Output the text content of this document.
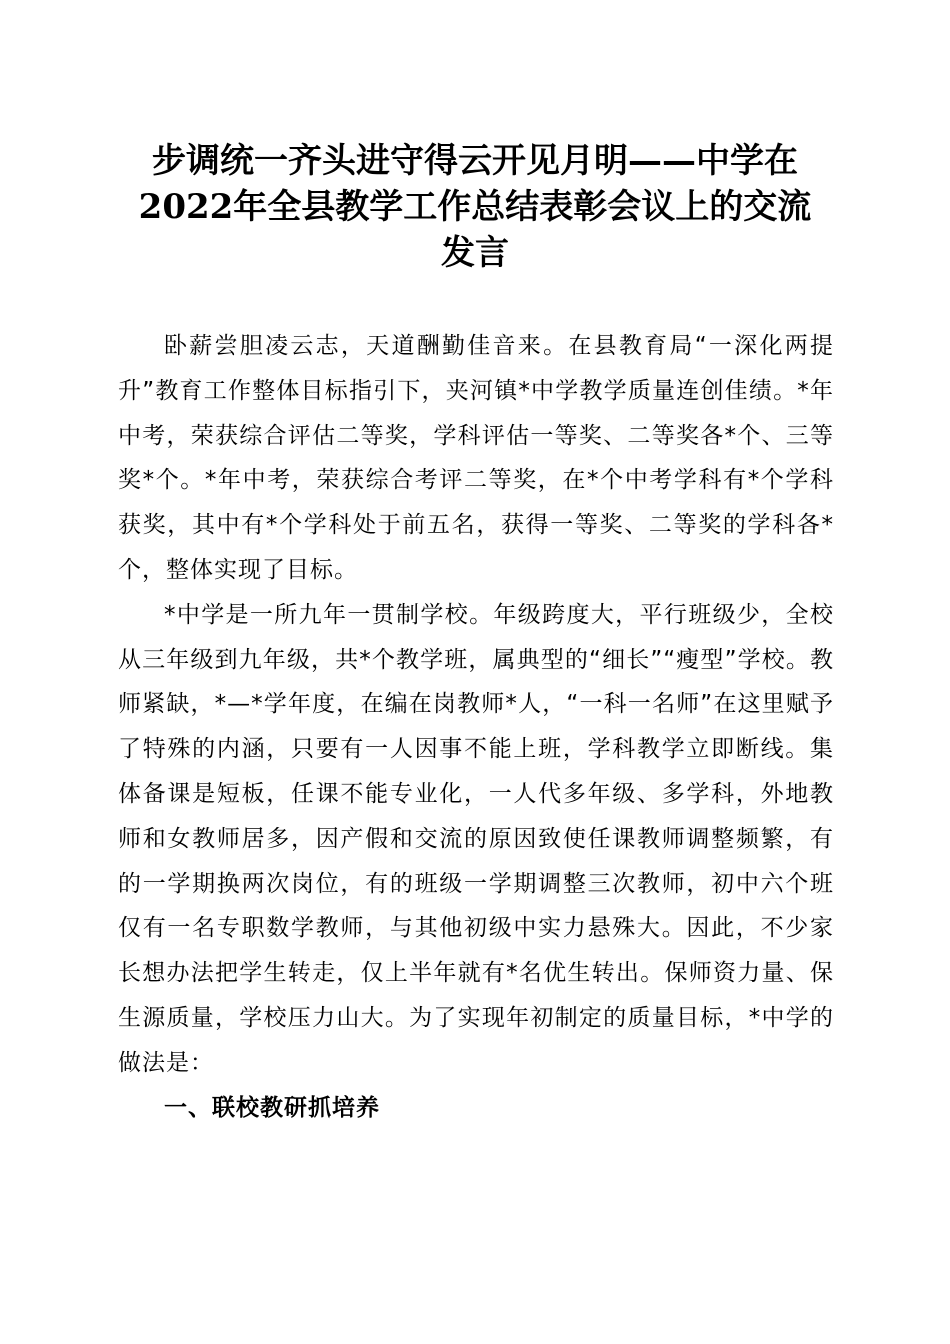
步调统一齐头进守得云开见月明——中学在
2022年全县教学工作总结表彰会议上的交流
发言

卧薪尝胆凌云志，天道酬勤佳音来。在县教育局“一深化两提升”教育工作整体目标指引下，夹河镇*中学教学质量连创佳绩。*年中考，荣获综合评估二等奖，学科评估一等奖、二等奖各*个、三等奖*个。*年中考，荣获综合考评二等奖，在*个中考学科有*个学科获奖，其中有*个学科处于前五名，获得一等奖、二等奖的学科各*个，整体实现了目标。

*中学是一所九年一贯制学校。年级跨度大，平行班级少，全校从三年级到九年级，共*个教学班，属典型的“细长”“瘦型”学校。教师紧缺，*—*学年度，在编在岗教师*人，“一科一名师”在这里赋予了特殊的内涵，只要有一人因事不能上班，学科教学立即断线。集体备课是短板，任课不能专业化，一人代多年级、多学科，外地教师和女教师居多，因产假和交流的原因致使任课教师调整频繁，有的一学期换两次岗位，有的班级一学期调整三次教师，初中六个班仅有一名专职数学教师，与其他初级中实力悬殊大。因此，不少家长想办法把学生转走，仅上半年就有*名优生转出。保师资力量、保生源质量，学校压力山大。为了实现年初制定的质量目标，*中学的做法是：

一、联校教研抓培养
